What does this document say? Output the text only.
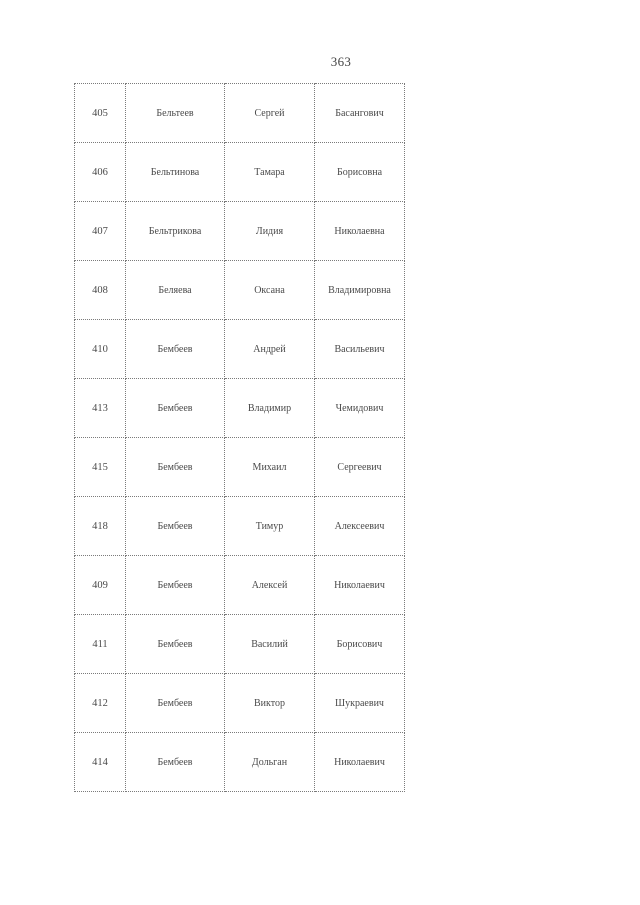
363
405	Бельтеев	Сергей	Басангович
406	Бельтинова	Тамара	Борисовна
407	Бельтрикова	Лидия	Николаевна
408	Беляева	Оксана	Владимировна
410	Бембеев	Андрей	Васильевич
413	Бембеев	Владимир	Чемидович
415	Бембеев	Михаил	Сергеевич
418	Бембеев	Тимур	Алексеевич
409	Бембеев	Алексей	Николаевич
411	Бембеев	Василий	Борисович
412	Бембеев	Виктор	Шукраевич
414	Бембеев	Дольган	Николаевич
